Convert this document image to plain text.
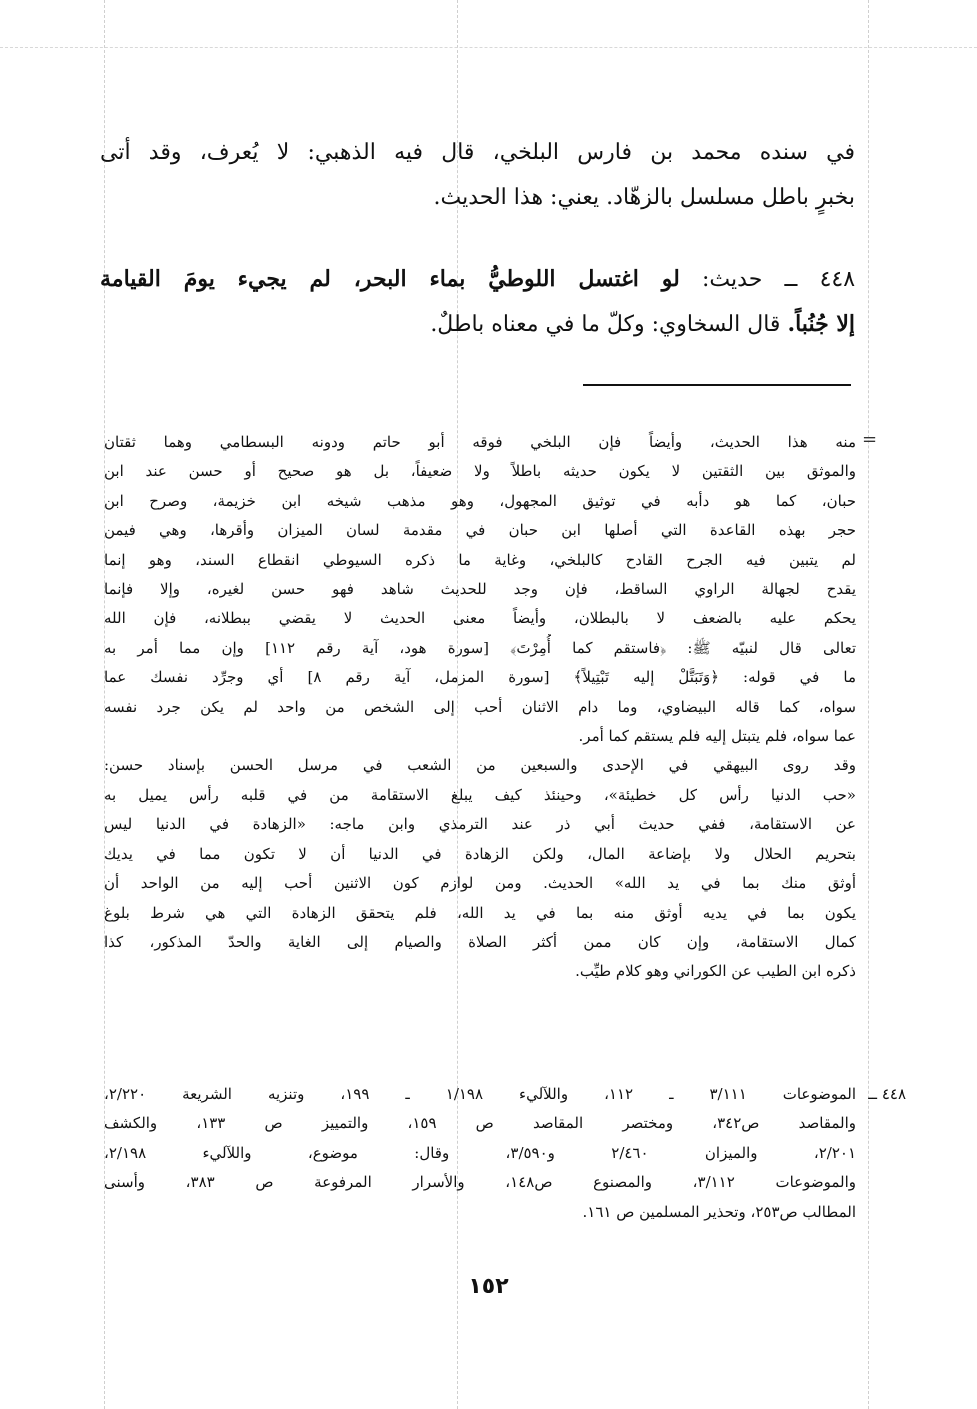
في سنده محمد بن فارس البلخي، قال فيه الذهبي: لا يُعرف، وقد أتى
بخبرٍ باطل مسلسل بالزهّاد. يعني: هذا الحديث.
٤٤٨ ــ حديث: لو اغتسل اللوطيُّ بماء البحر، لم يجيء يومَ القيامة
إلا جُنُباً. قال السخاوي: وكلّ ما في معناه باطلٌ.
=
منه هذا الحديث، وأيضاً فإن البلخي فوقه أبو حاتم ودونه البسطامي وهما ثقتان
والموثق بين الثقتين لا يكون حديثه باطلاً ولا ضعيفاً، بل هو صحيح أو حسن عند ابن
حبان، كما هو دأبه في توثيق المجهول، وهو مذهب شيخه ابن خزيمة، وصرح ابن
حجر بهذه القاعدة التي أصلها ابن حبان في مقدمة لسان الميزان وأقرها، وهي فيمن
لم يتبين فيه الجرح القادح كالبلخي، وغاية ما ذكره السيوطي انقطاع السند، وهو إنما
يقدح لجهالة الراوي الساقط، فإن وجد للحديث شاهد فهو حسن لغيره، وإلا فإنما
يحكم عليه بالضعف لا بالبطلان، وأيضاً معنى الحديث لا يقضي ببطلانه، فإن الله
تعالى قال لنبيّه ﷺ: ﴿فاستقم كما أُمِرْتَ﴾ [سورة هود، آية رقم ١١٢] وإن مما أمر به
ما في قوله: ﴿وَتَبَتَّلْ إليه تَبْتِيلاً﴾ [سورة المزمل، آية رقم ٨] أي وجرِّد نفسك عما
سواه، كما قاله البيضاوي، وما دام الاثنان أحب إلى الشخص من واحد لم يكن جرد نفسه
عما سواه، فلم يتبتل إليه فلم يستقم كما أمر.
وقد روى البيهقي في الإحدى والسبعين من الشعب في مرسل الحسن بإسناد حسن:
«حب الدنيا رأس كل خطيئة»، وحينئذ كيف يبلغ الاستقامة من في قلبه رأس يميل به
عن الاستقامة، ففي حديث أبي ذر عند الترمذي وابن ماجه: «الزهادة في الدنيا ليس
بتحريم الحلال ولا بإضاعة المال، ولكن الزهادة في الدنيا أن لا تكون مما في يديك
أوثق منك بما في يد الله» الحديث. ومن لوازم كون الاثنين أحب إليه من الواحد أن
يكون بما في يديه أوثق منه بما في يد الله، فلم يتحقق الزهادة التي هي شرط بلوغ
كمال الاستقامة، وإن كان ممن أكثر الصلاة والصيام إلى الغاية والحدّ المذكور، كذا
ذكره ابن الطيب عن الكوراني وهو كلام طيِّب.
٤٤٨ ــ
الموضوعات ٣/١١١ ـ ١١٢، واللآليء ١/١٩٨ ـ ١٩٩، وتنزيه الشريعة ٢/٢٢٠،
والمقاصد ص٣٤٢، ومختصر المقاصد ص ١٥٩، والتمييز ص ١٣٣، والكشف
٢/٢٠١، والميزان ٢/٤٦٠ و٣/٥٩٠، وقال: موضوع، واللآليء ٢/١٩٨،
والموضوعات ٣/١١٢، والمصنوع ص١٤٨، والأسرار المرفوعة ص ٣٨٣، وأسنى
المطالب ص٢٥٣، وتحذير المسلمين ص ١٦١.
١٥٢
